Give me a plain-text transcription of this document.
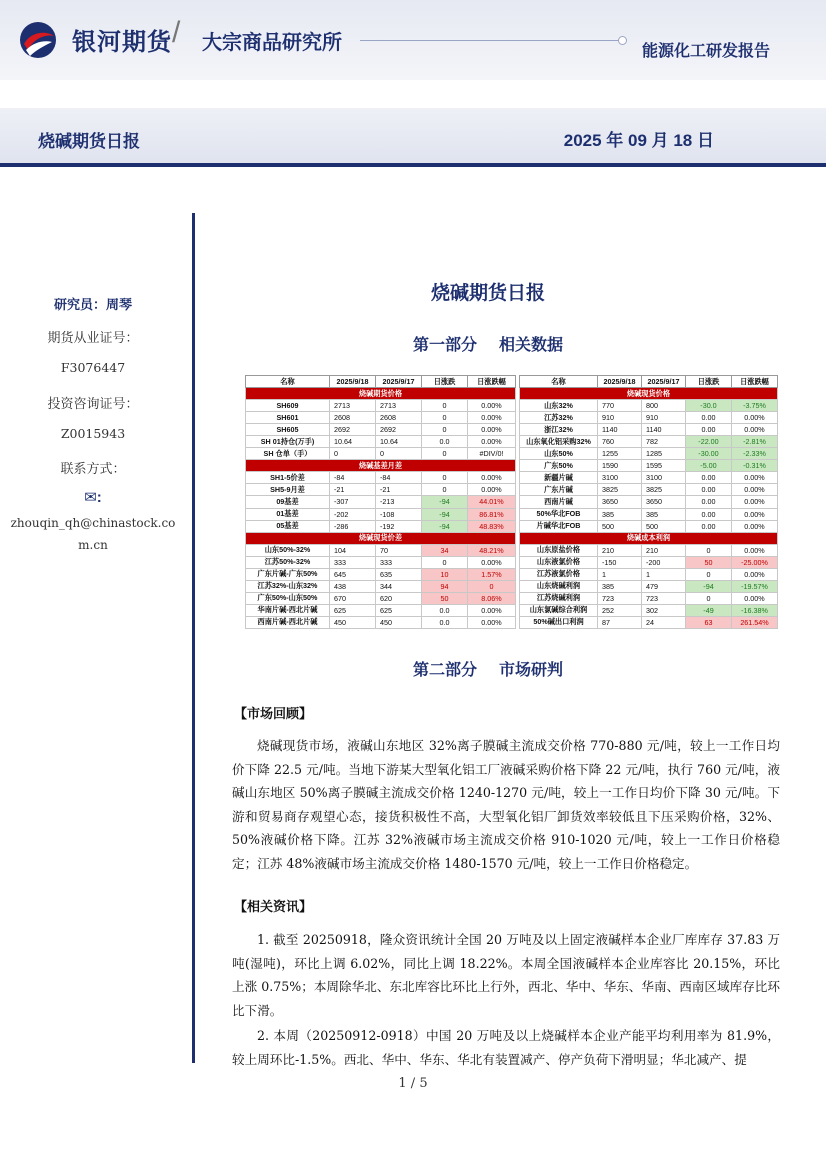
银河期货 / 大宗商品研究所	能源化工研发报告
烧碱期货日报	2025 年 09 月 18 日
研究员：周琴
期货从业证号：
F3076447
投资咨询证号：
Z0015943
联系方式：
✉:
zhouqin_qh@chinastock.com.cn
烧碱期货日报
第一部分 相关数据
名称	2025/9/18	2025/9/17	日涨跌	日涨跌幅
烧碱期货价格				
SH609	2713	2713	0	0.00%
SH601	2608	2608	0	0.00%
SH605	2692	2692	0	0.00%
SH 01持仓(万手)	10.64	10.64	0.0	0.00%
SH 仓单（手）	0	0	0	#DIV/0!
烧碱基差月差				
SH1-5价差	-84	-84	0	0.00%
SH5-9月差	-21	-21	0	0.00%
09基差	-307	-213	-94	44.01%
01基差	-202	-108	-94	86.81%
05基差	-286	-192	-94	48.83%
烧碱现货价差				
山东50%-32%	104	70	34	48.21%
江苏50%-32%	333	333	0	0.00%
广东片碱-广东50%	645	635	10	1.57%
江苏32%-山东32%	438	344	94	0
广东50%-山东50%	670	620	50	8.06%
华南片碱-西北片碱	625	625	0.0	0.00%
西南片碱-西北片碱	450	450	0.0	0.00%
名称	2025/9/18	2025/9/17	日涨跌	日涨跌幅
烧碱现货价格				
山东32%	770	800	-30.0	-3.75%
江苏32%	910	910	0.00	0.00%
浙江32%	1140	1140	0.00	0.00%
山东氧化铝采购32%	760	782	-22.00	-2.81%
山东50%	1255	1285	-30.00	-2.33%
广东50%	1590	1595	-5.00	-0.31%
新疆片碱	3100	3100	0.00	0.00%
广东片碱	3825	3825	0.00	0.00%
西南片碱	3650	3650	0.00	0.00%
50%华北FOB	385	385	0.00	0.00%
片碱华北FOB	500	500	0.00	0.00%
烧碱成本利润				
山东原盐价格	210	210	0	0.00%
山东液氯价格	-150	-200	50	-25.00%
江苏液氯价格	1	1	0	0.00%
山东烧碱利润	385	479	-94	-19.57%
江苏烧碱利润	723	723	0	0.00%
山东氯碱综合利润	252	302	-49	-16.38%
50%碱出口利润	87	24	63	261.54%
第二部分 市场研判
【市场回顾】
烧碱现货市场，液碱山东地区 32%离子膜碱主流成交价格 770-880 元/吨，较上一工作日均价下降 22.5 元/吨。当地下游某大型氧化铝工厂液碱采购价格下降 22 元/吨，执行 760 元/吨，液碱山东地区 50%离子膜碱主流成交价格 1240-1270 元/吨，较上一工作日均价下降 30 元/吨。下游和贸易商存观望心态，接货积极性不高，大型氧化铝厂卸货效率较低且下压采购价格，32%、50%液碱价格下降。江苏 32%液碱市场主流成交价格 910-1020 元/吨，较上一工作日价格稳定；江苏 48%液碱市场主流成交价格 1480-1570 元/吨，较上一工作日价格稳定。
【相关资讯】
1. 截至 20250918，隆众资讯统计全国 20 万吨及以上固定液碱样本企业厂库库存 37.83 万吨(湿吨)，环比上调 6.02%，同比上调 18.22%。本周全国液碱样本企业库容比 20.15%，环比上涨 0.75%；本周除华北、东北库容比环比上行外，西北、华中、华东、华南、西南区域库存比环比下滑。
2. 本周（20250912-0918）中国 20 万吨及以上烧碱样本企业产能平均利用率为 81.9%，较上周环比-1.5%。西北、华中、华东、华北有装置减产、停产负荷下滑明显；华北减产、提
1 / 5
